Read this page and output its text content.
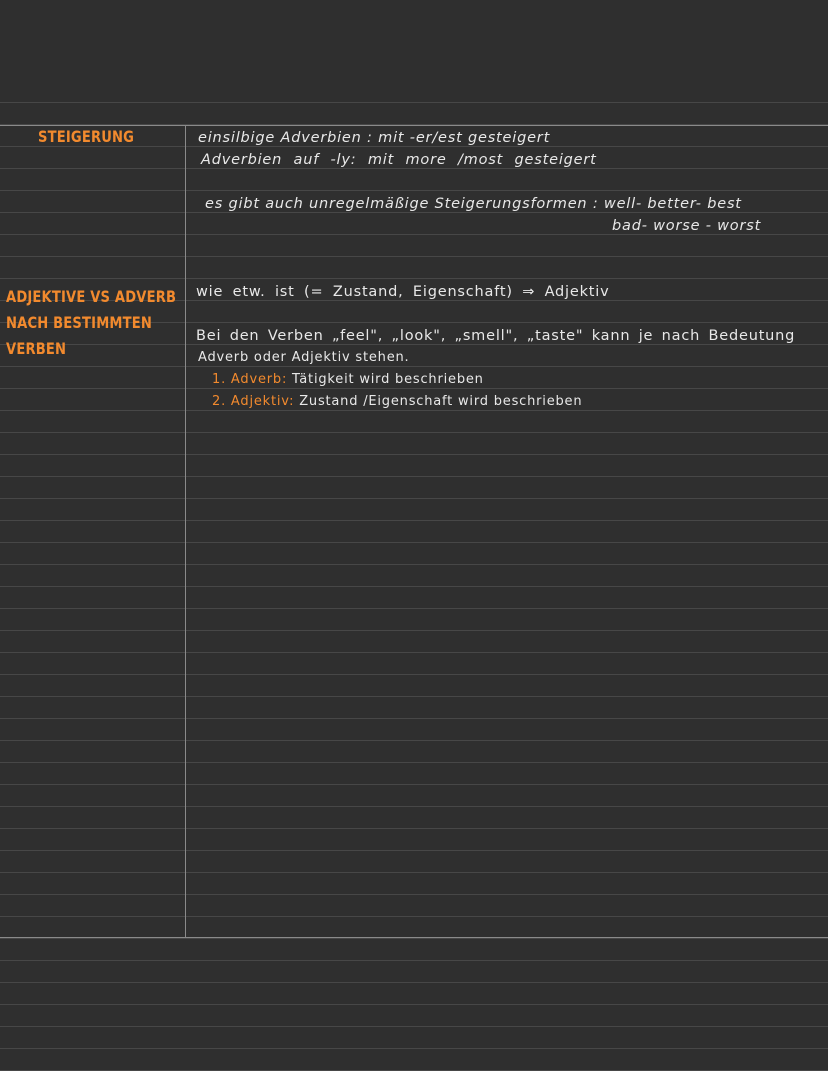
STEIGERUNG	einsilbige Adverbien : mit -er/est gesteigert
Adverbien auf -ly: mit more /most gesteigert
es gibt auch unregelmäßige Steigerungsformen : well- better- best
bad- worse - worst
ADJEKTIVE VS ADVERB
NACH BESTIMMTEN
VERBEN
wie etw. ist (= Zustand, Eigenschaft) ⇒ Adjektiv
Bei den Verben „feel", „look", „smell", „taste" kann je nach Bedeutung
Adverb oder Adjektiv stehen.
1. Adverb: Tätigkeit wird beschrieben
2. Adjektiv: Zustand /Eigenschaft wird beschrieben
